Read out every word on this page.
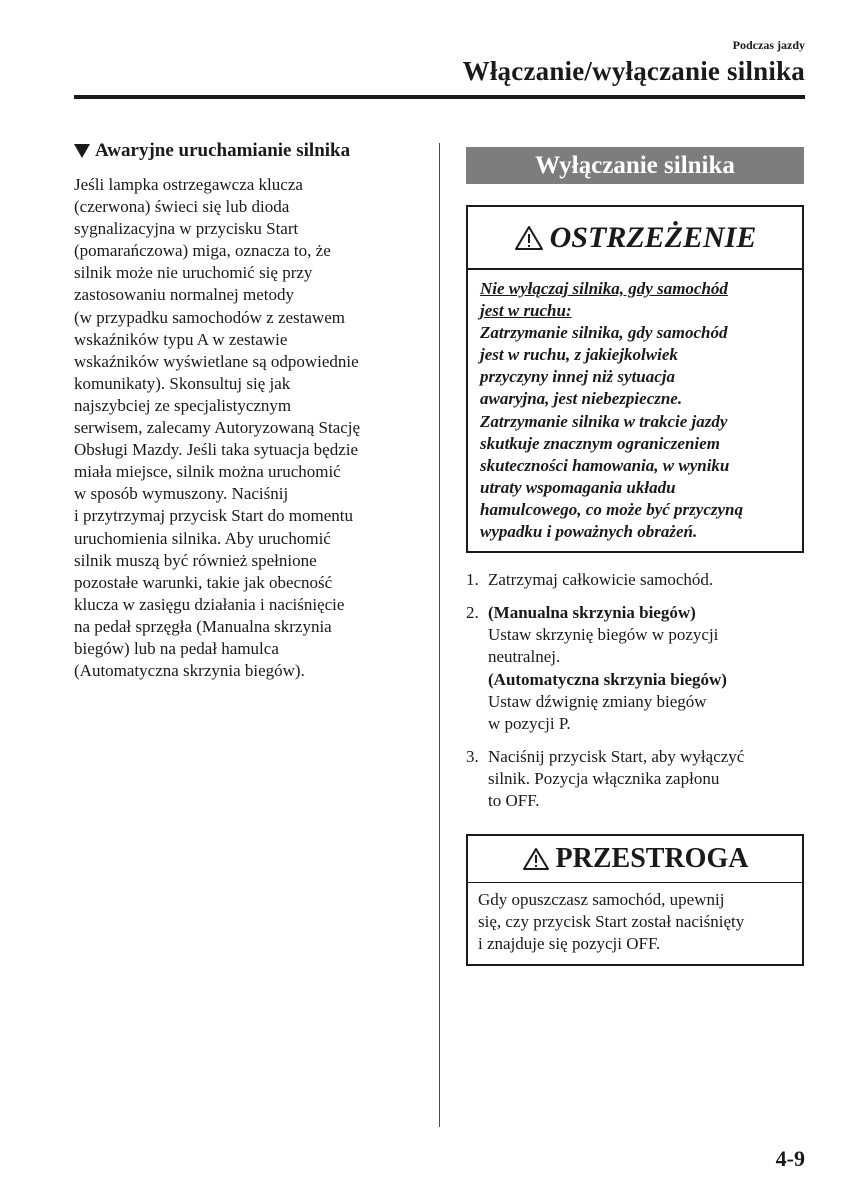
Podczas jazdy
Włączanie/wyłączanie silnika
Awaryjne uruchamianie silnika

Jeśli lampka ostrzegawcza klucza
(czerwona) świeci się lub dioda
sygnalizacyjna w przycisku Start
(pomarańczowa) miga, oznacza to, że
silnik może nie uruchomić się przy
zastosowaniu normalnej metody
(w przypadku samochodów z zestawem
wskaźników typu A w zestawie
wskaźników wyświetlane są odpowiednie
komunikaty). Skonsultuj się jak
najszybciej ze specjalistycznym
serwisem, zalecamy Autoryzowaną Stację
Obsługi Mazdy. Jeśli taka sytuacja będzie
miała miejsce, silnik można uruchomić
w sposób wymuszony. Naciśnij
i przytrzymaj przycisk Start do momentu
uruchomienia silnika. Aby uruchomić
silnik muszą być również spełnione
pozostałe warunki, takie jak obecność
klucza w zasięgu działania i naciśnięcie
na pedał sprzęgła (Manualna skrzynia
biegów) lub na pedał hamulca
(Automatyczna skrzynia biegów).

Wyłączanie silnika
OSTRZEŻENIE
Nie wyłączaj silnika, gdy samochód
jest w ruchu:
Zatrzymanie silnika, gdy samochód
jest w ruchu, z jakiejkolwiek
przyczyny innej niż sytuacja
awaryjna, jest niebezpieczne.
Zatrzymanie silnika w trakcie jazdy
skutkuje znacznym ograniczeniem
skuteczności hamowania, w wyniku
utraty wspomagania układu
hamulcowego, co może być przyczyną
wypadku i poważnych obrażeń.
1. Zatrzymaj całkowicie samochód.
2. (Manualna skrzynia biegów)
Ustaw skrzynię biegów w pozycji
neutralnej.
(Automatyczna skrzynia biegów)
Ustaw dźwignię zmiany biegów
w pozycji P.
3. Naciśnij przycisk Start, aby wyłączyć
silnik. Pozycja włącznika zapłonu
to OFF.
PRZESTROGA
Gdy opuszczasz samochód, upewnij
się, czy przycisk Start został naciśnięty
i znajduje się pozycji OFF.
4-9
